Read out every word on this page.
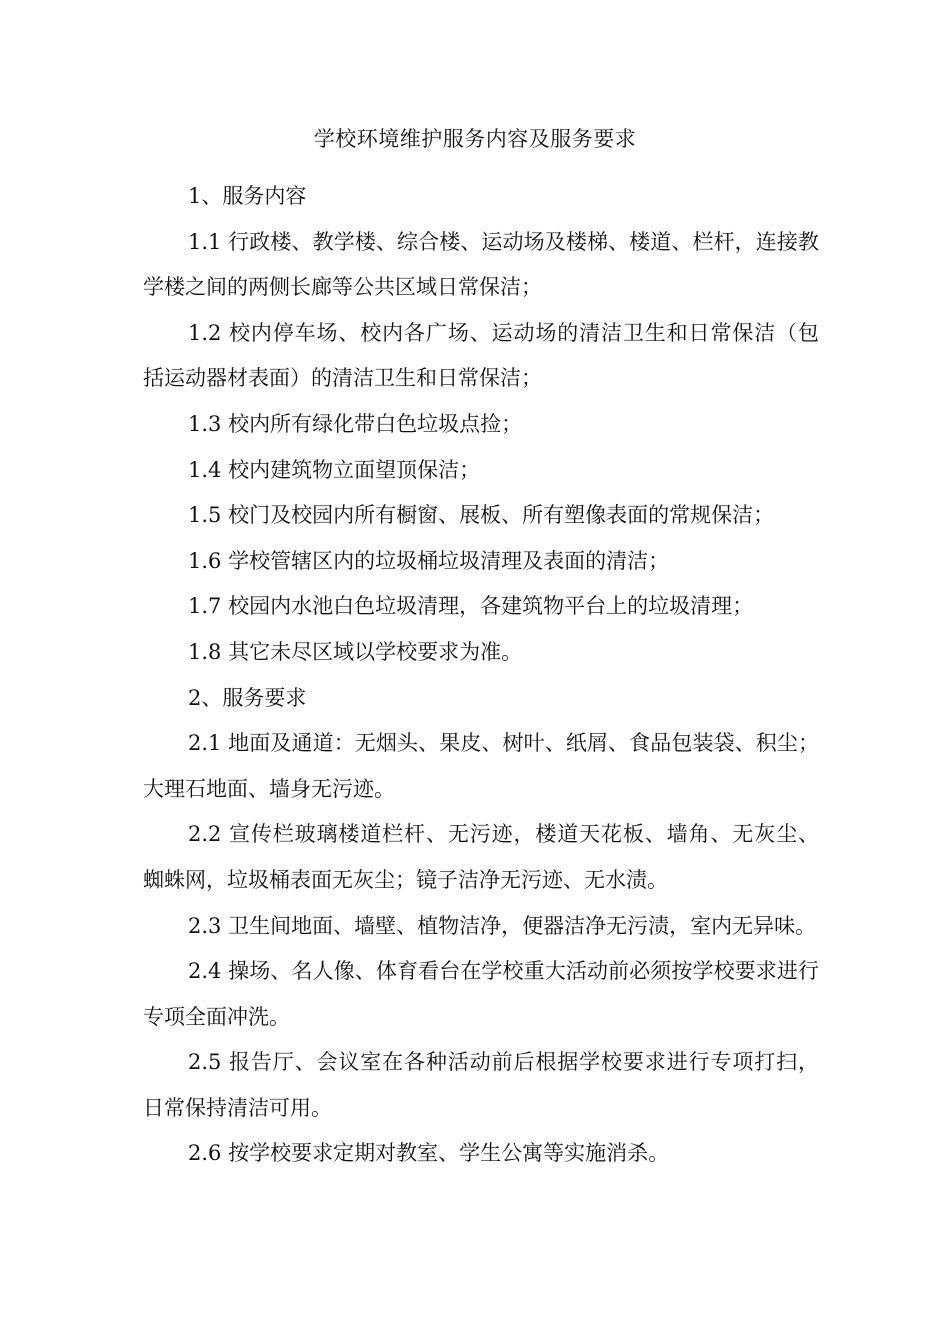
学校环境维护服务内容及服务要求

1、服务内容

1.1 行政楼、教学楼、综合楼、运动场及楼梯、楼道、栏杆，连接教学楼之间的两侧长廊等公共区域日常保洁；

1.2 校内停车场、校内各广场、运动场的清洁卫生和日常保洁（包 括运动器材表面）的清洁卫生和日常保洁；

1.3 校内所有绿化带白色垃圾点捡；

1.4 校内建筑物立面望顶保洁；

1.5 校门及校园内所有橱窗、展板、所有塑像表面的常规保洁；

1.6 学校管辖区内的垃圾桶垃圾清理及表面的清洁；

1.7 校园内水池白色垃圾清理，各建筑物平台上的垃圾清理；

1.8 其它未尽区域以学校要求为准。

2、服务要求

2.1 地面及通道：无烟头、果皮、树叶、纸屑、食品包装袋、积尘；大理石地面、墙身无污迹。

2.2 宣传栏玻璃楼道栏杆、无污迹，楼道天花板、墙角、无灰尘、 蜘蛛网，垃圾桶表面无灰尘；镜子洁净无污迹、无水渍。

2.3 卫生间地面、墙壁、植物洁净，便器洁净无污渍，室内无异味。

2.4 操场、名人像、体育看台在学校重大活动前必须按学校要求进行专项全面冲洗。

2.5 报告厅、会议室在各种活动前后根据学校要求进行专项打扫， 日常保持清洁可用。

2.6 按学校要求定期对教室、学生公寓等实施消杀。
